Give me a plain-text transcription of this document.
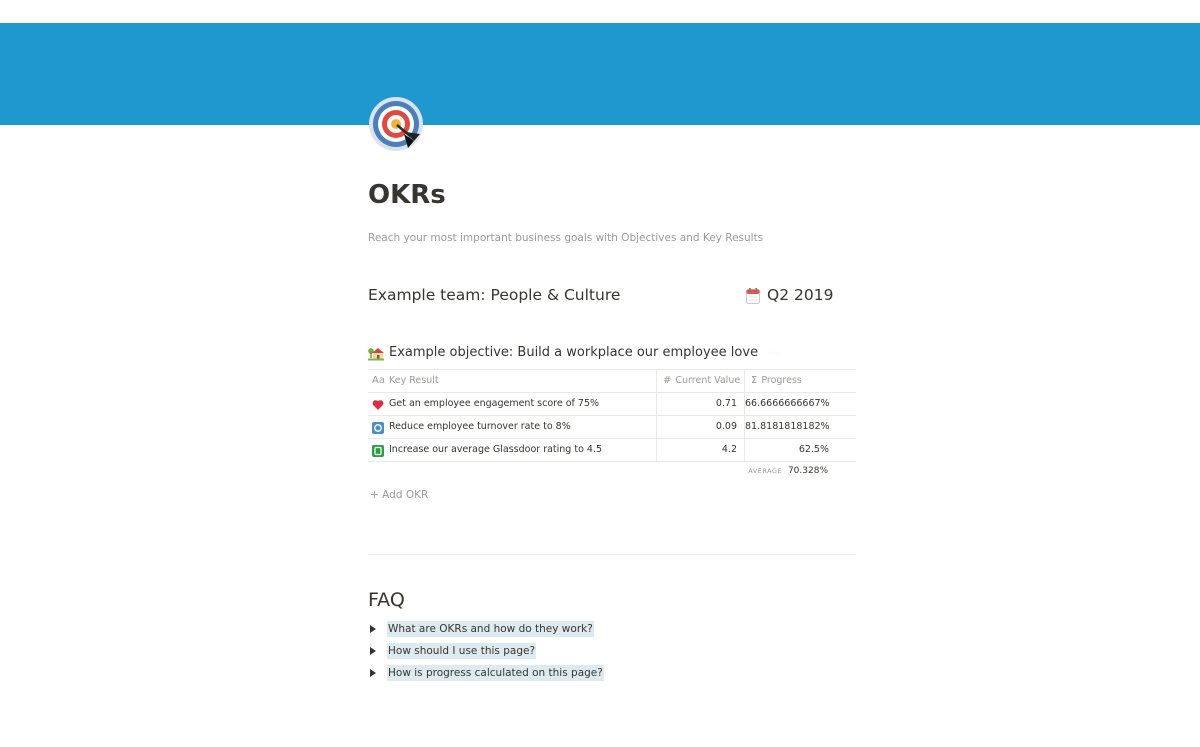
OKRs
Reach your most important business goals with Objectives and Key Results
Example team: People & Culture	Q2 2019
Example objective: Build a workplace our employee love ⋯
Aa Key Result	# Current Value Σ Progress
Get an employee engagement score of 75%	0.71 66.6666666667%
Reduce employee turnover rate to 8%	0.09 81.8181818182%
Increase our average Glassdoor rating to 4.5	4.2	62.5%
AVERAGE 70.328%
+ Add OKR
FAQ
What are OKRs and how do they work?
How should I use this page?
How is progress calculated on this page?
